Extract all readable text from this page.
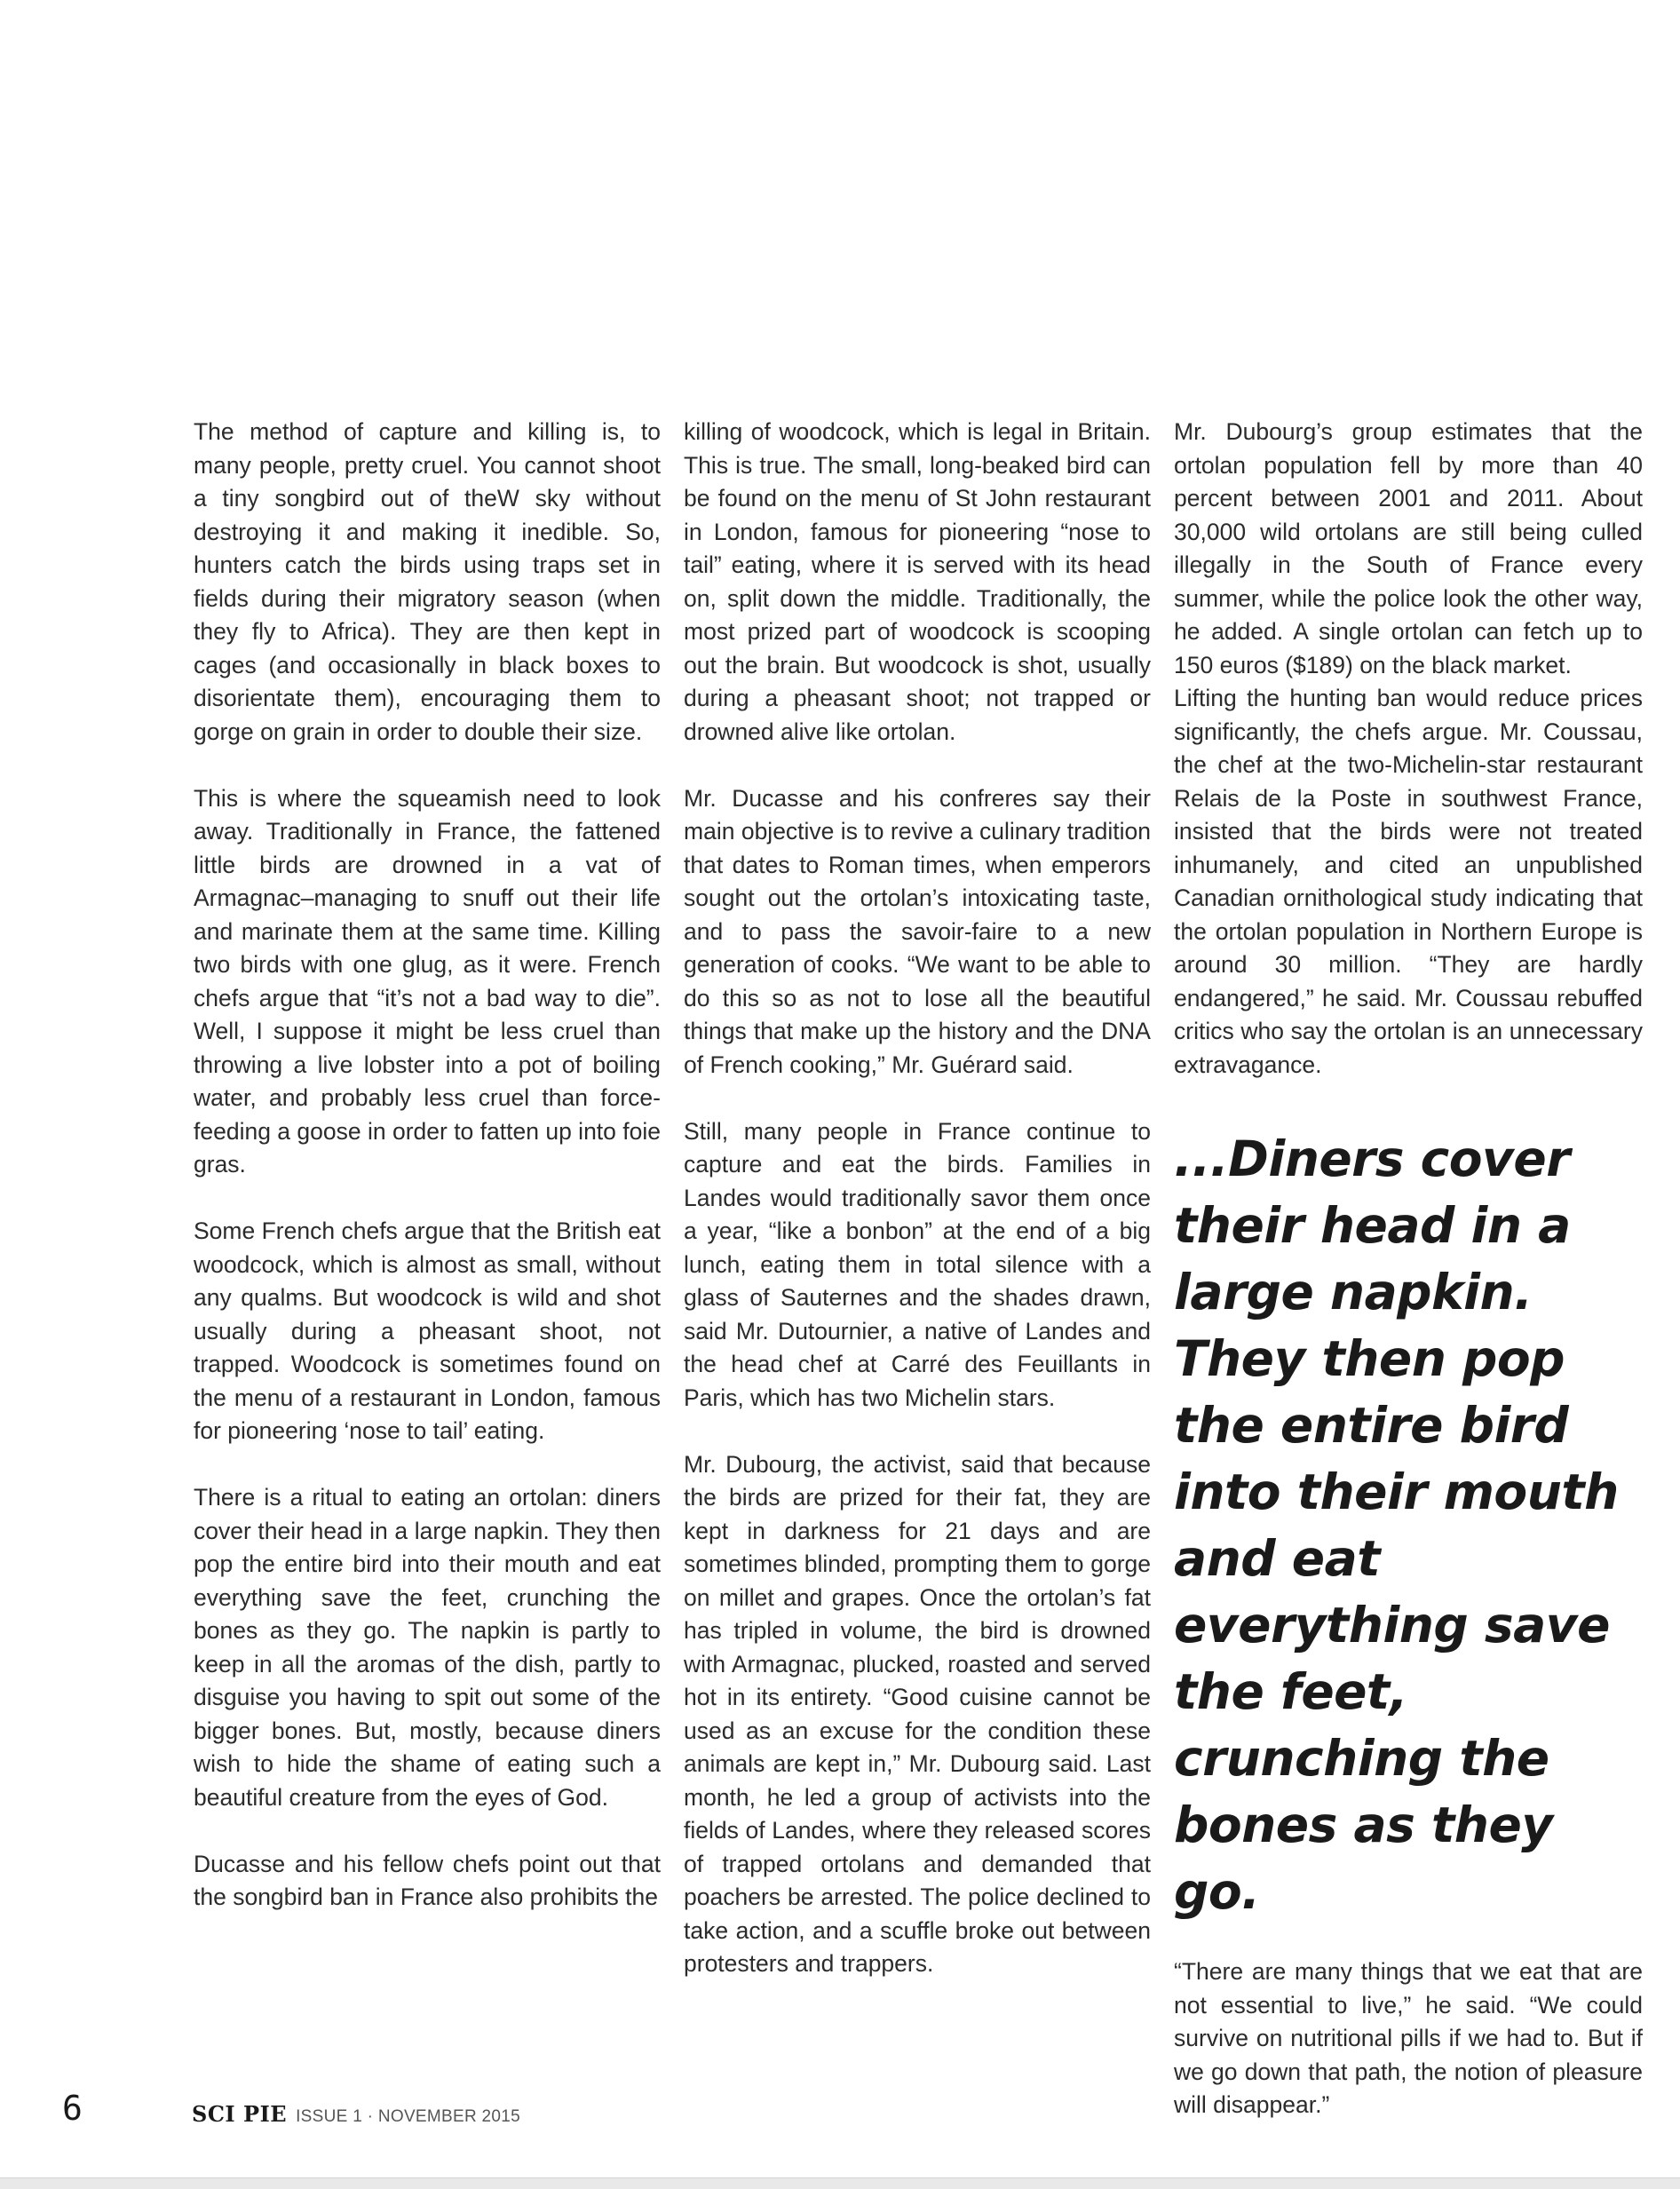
The method of capture and killing is, to many people, pretty cruel. You cannot shoot a tiny songbird out of theW sky without destroying it and making it inedible. So, hunters catch the birds using traps set in fields during their migratory season (when they fly to Africa). They are then kept in cages (and occasionally in black boxes to disorientate them), encouraging them to gorge on grain in order to double their size.

This is where the squeamish need to look away. Traditionally in France, the fattened little birds are drowned in a vat of Armagnac–managing to snuff out their life and marinate them at the same time. Killing two birds with one glug, as it were. French chefs argue that “it’s not a bad way to die”. Well, I suppose it might be less cruel than throwing a live lobster into a pot of boiling water, and probably less cruel than force-feeding a goose in order to fatten up into foie gras.

Some French chefs argue that the British eat woodcock, which is almost as small, without any qualms. But woodcock is wild and shot usually during a pheasant shoot, not trapped. Woodcock is sometimes found on the menu of a restaurant in London, famous for pioneering ‘nose to tail’ eating.

There is a ritual to eating an ortolan: diners cover their head in a large napkin. They then pop the entire bird into their mouth and eat everything save the feet, crunching the bones as they go. The napkin is partly to keep in all the aromas of the dish, partly to disguise you having to spit out some of the bigger bones. But, mostly, because diners wish to hide the shame of eating such a beautiful creature from the eyes of God.

Ducasse and his fellow chefs point out that the songbird ban in France also prohibits the

killing of woodcock, which is legal in Britain. This is true. The small, long-beaked bird can be found on the menu of St John restaurant in London, famous for pioneering “nose to tail” eating, where it is served with its head on, split down the middle. Traditionally, the most prized part of woodcock is scooping out the brain. But woodcock is shot, usually during a pheasant shoot; not trapped or drowned alive like ortolan.

Mr. Ducasse and his confreres say their main objective is to revive a culinary tradition that dates to Roman times, when emperors sought out the ortolan’s intoxicating taste, and to pass the savoir-faire to a new generation of cooks. “We want to be able to do this so as not to lose all the beautiful things that make up the history and the DNA of French cooking,” Mr. Guérard said.

Still, many people in France continue to capture and eat the birds. Families in Landes would traditionally savor them once a year, “like a bonbon” at the end of a big lunch, eating them in total silence with a glass of Sauternes and the shades drawn, said Mr. Dutournier, a native of Landes and the head chef at Carré des Feuillants in Paris, which has two Michelin stars.

Mr. Dubourg, the activist, said that because the birds are prized for their fat, they are kept in darkness for 21 days and are sometimes blinded, prompting them to gorge on millet and grapes. Once the ortolan’s fat has tripled in volume, the bird is drowned with Armagnac, plucked, roasted and served hot in its entirety. “Good cuisine cannot be used as an excuse for the condition these animals are kept in,” Mr. Dubourg said. Last month, he led a group of activists into the fields of Landes, where they released scores of trapped ortolans and demanded that poachers be arrested. The police declined to take action, and a scuffle broke out between protesters and trappers.

Mr. Dubourg’s group estimates that the ortolan population fell by more than 40 percent between 2001 and 2011. About 30,000 wild ortolans are still being culled illegally in the South of France every summer, while the police look the other way, he added. A single ortolan can fetch up to 150 euros ($189) on the black market.

Lifting the hunting ban would reduce prices significantly, the chefs argue. Mr. Coussau, the chef at the two-Michelin-star restaurant Relais de la Poste in southwest France, insisted that the birds were not treated inhumanely, and cited an unpublished Canadian ornithological study indicating that the ortolan population in Northern Europe is around 30 million. “They are hardly endangered,” he said. Mr. Coussau rebuffed critics who say the ortolan is an unnecessary extravagance.

...Diners cover their head in a large napkin. They then pop the entire bird into their mouth and eat everything save the feet, crunching the bones as they go.

“There are many things that we eat that are not essential to live,” he said. “We could survive on nutritional pills if we had to. But if we go down that path, the notion of pleasure will disappear.”

6	SCI PIE ISSUE 1 · NOVEMBER 2015
